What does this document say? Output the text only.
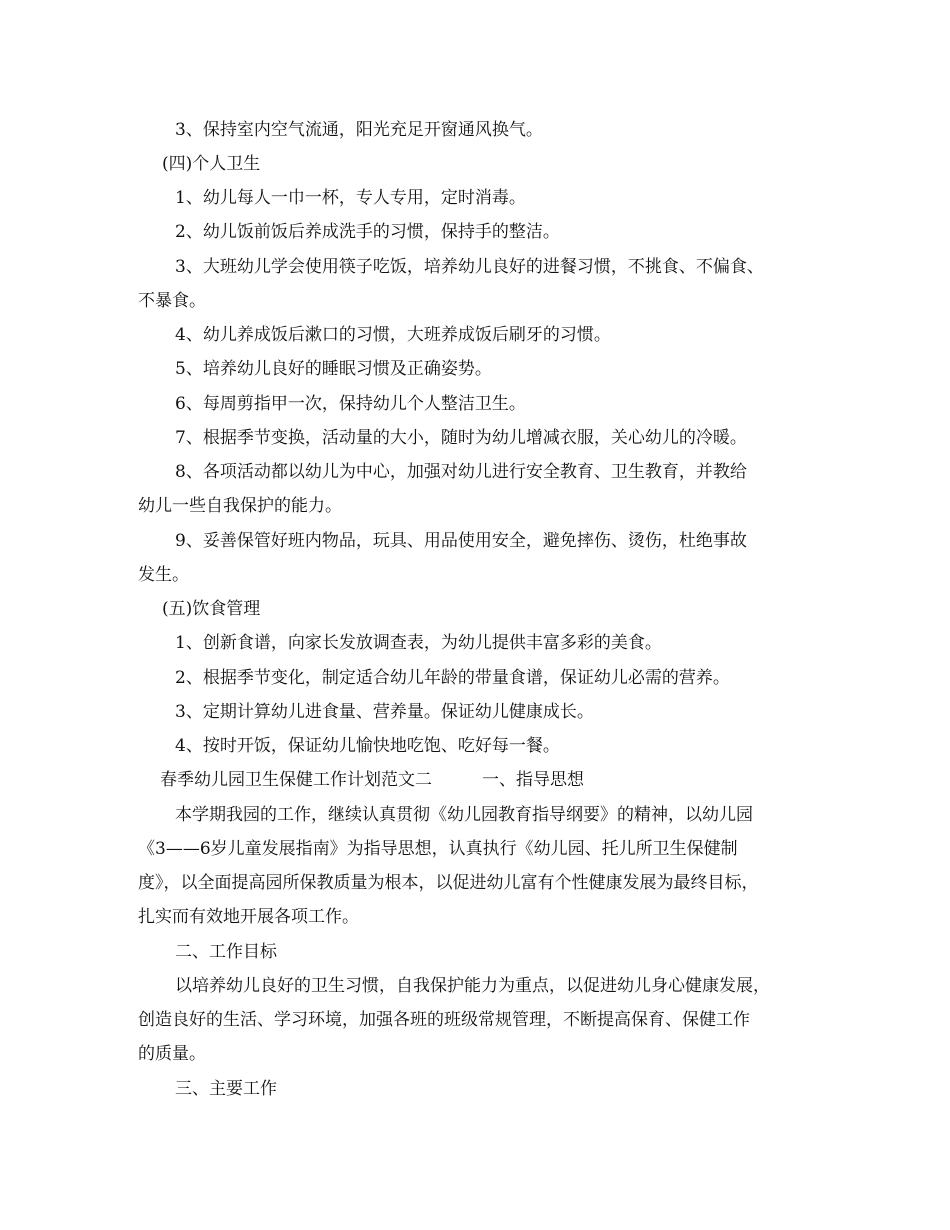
3、保持室内空气流通，阳光充足开窗通风换气。
(四)个人卫生
1、幼儿每人一巾一杯，专人专用，定时消毒。
2、幼儿饭前饭后养成洗手的习惯，保持手的整洁。
3、大班幼儿学会使用筷子吃饭，培养幼儿良好的进餐习惯，不挑食、不偏食、
不暴食。
4、幼儿养成饭后漱口的习惯，大班养成饭后刷牙的习惯。
5、培养幼儿良好的睡眠习惯及正确姿势。
6、每周剪指甲一次，保持幼儿个人整洁卫生。
7、根据季节变换，活动量的大小，随时为幼儿增减衣服，关心幼儿的冷暖。
8、各项活动都以幼儿为中心，加强对幼儿进行安全教育、卫生教育，并教给
幼儿一些自我保护的能力。
9、妥善保管好班内物品，玩具、用品使用安全，避免摔伤、烫伤，杜绝事故
发生。
(五)饮食管理
1、创新食谱，向家长发放调查表，为幼儿提供丰富多彩的美食。
2、根据季节变化，制定适合幼儿年龄的带量食谱，保证幼儿必需的营养。
3、定期计算幼儿进食量、营养量。保证幼儿健康成长。
4、按时开饭，保证幼儿愉快地吃饱、吃好每一餐。
春季幼儿园卫生保健工作计划范文二	一、指导思想
本学期我园的工作，继续认真贯彻《幼儿园教育指导纲要》的精神，以幼儿园
《3——6岁儿童发展指南》为指导思想，认真执行《幼儿园、托儿所卫生保健制
度》，以全面提高园所保教质量为根本，以促进幼儿富有个性健康发展为最终目标，
扎实而有效地开展各项工作。
二、工作目标
以培养幼儿良好的卫生习惯，自我保护能力为重点，以促进幼儿身心健康发展，
创造良好的生活、学习环境，加强各班的班级常规管理，不断提高保育、保健工作
的质量。
三、主要工作
